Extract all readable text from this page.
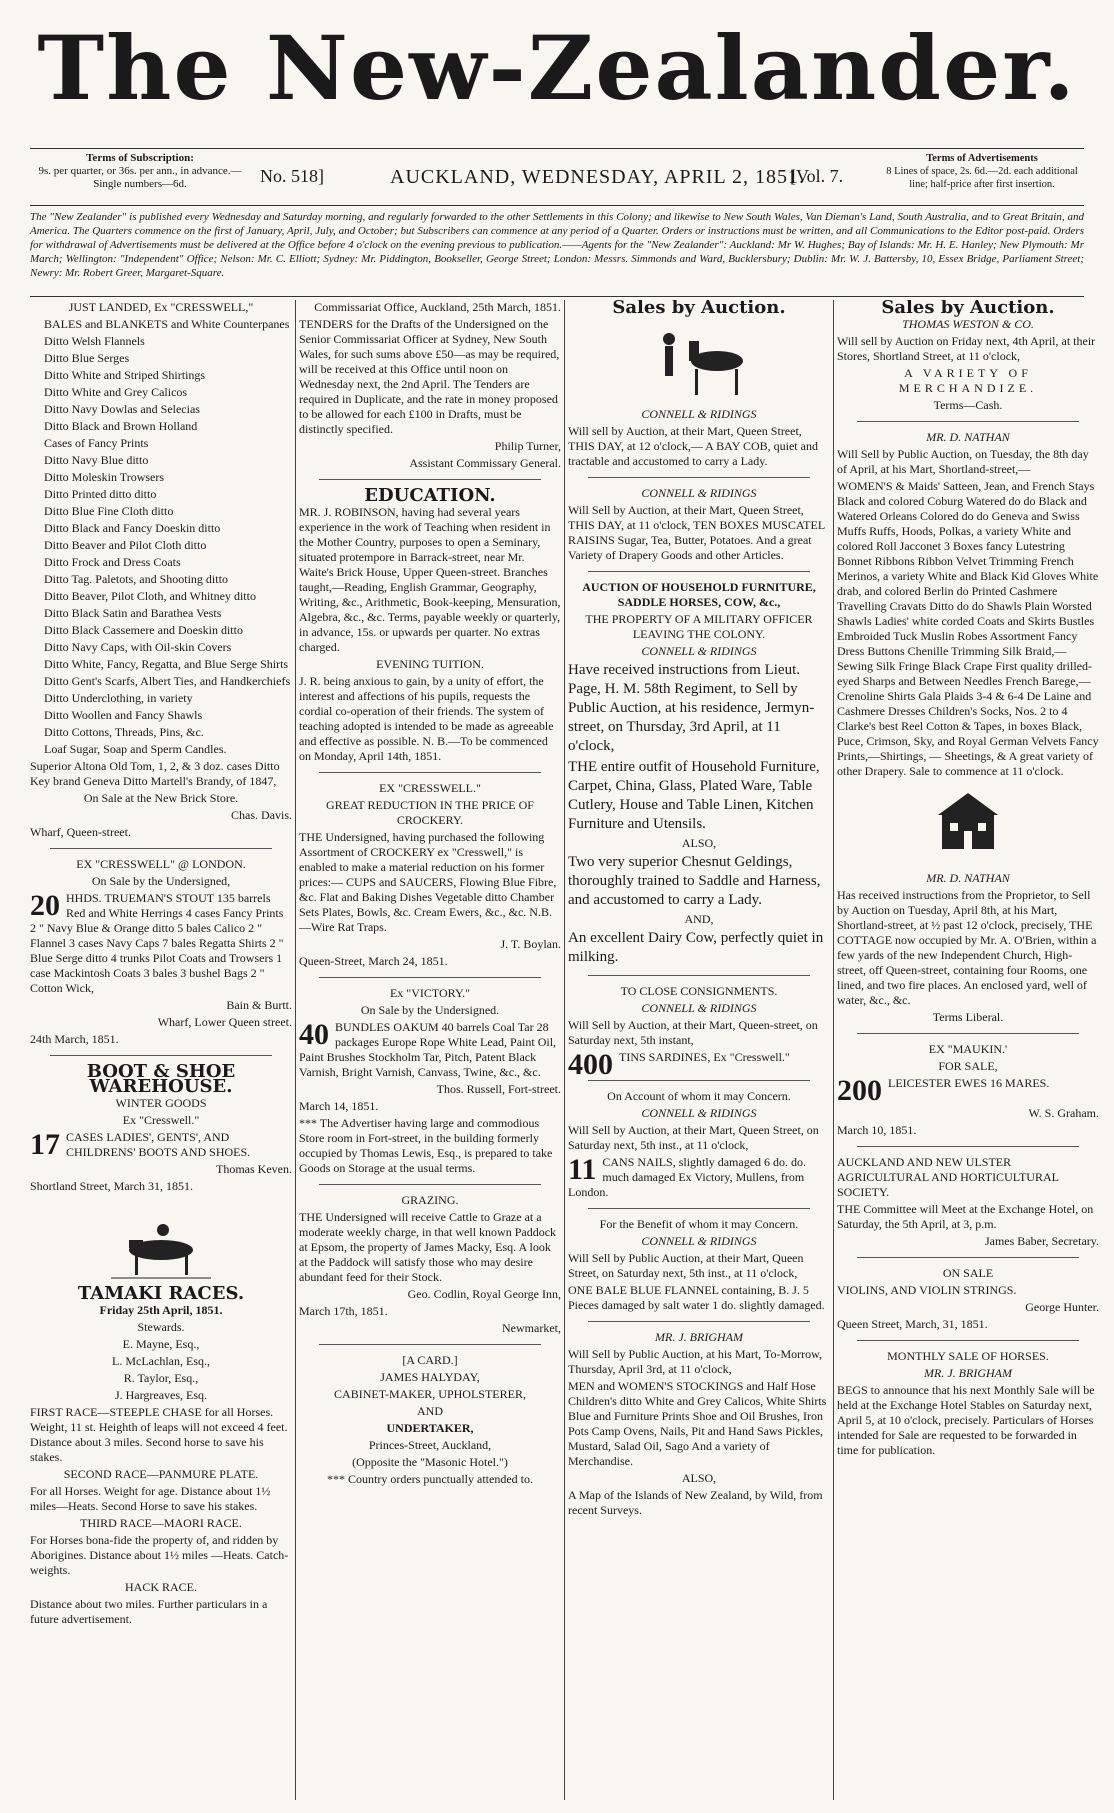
The New-Zealander.
Terms of Subscription:
9s. per quarter, or 36s. per ann., in advance.—Single numbers—6d.	No. 518]	AUCKLAND, WEDNESDAY, APRIL 2, 1851.
[Vol. 7.
Terms of Advertisements
8 Lines of space, 2s. 6d.—2d. each additional line; half-price after first insertion.
The "New Zealander" is published every Wednesday and Saturday morning, and regularly forwarded to the other Settlements in this Colony; and likewise to New South Wales, Van Dieman's Land, South Australia, and to Great Britain, and America. The Quarters commence on the first of January, April, July, and October; but Subscribers can commence at any period of a Quarter. Orders or instructions must be written, and all Communications to the Editor post-paid. Orders for withdrawal of Advertisements must be delivered at the Office before 4 o'clock on the evening previous to publication.——Agents for the "New Zealander": Auckland: Mr W. Hughes; Bay of Islands: Mr. H. E. Hanley; New Plymouth: Mr March; Wellington: "Independent" Office; Nelson: Mr. C. Elliott; Sydney: Mr. Piddington, Bookseller, George Street; London: Messrs. Simmonds and Ward, Bucklersbury; Dublin: Mr. W. J. Battersby, 10, Essex Bridge, Parliament Street; Newry: Mr. Robert Greer, Margaret-Square.

JUST LANDED, Ex "CRESSWELL,"

BALES and BLANKETS and White Counterpanes

Ditto Welsh Flannels

Ditto Blue Serges

Ditto White and Striped Shirtings

Ditto White and Grey Calicos

Ditto Navy Dowlas and Selecias

Ditto Black and Brown Holland

Cases of Fancy Prints

Ditto Navy Blue ditto

Ditto Moleskin Trowsers

Ditto Printed ditto ditto

Ditto Blue Fine Cloth ditto

Ditto Black and Fancy Doeskin ditto

Ditto Beaver and Pilot Cloth ditto

Ditto Frock and Dress Coats

Ditto Tag. Paletots, and Shooting ditto

Ditto Beaver, Pilot Cloth, and Whitney ditto

Ditto Black Satin and Barathea Vests

Ditto Black Cassemere and Doeskin ditto

Ditto Navy Caps, with Oil-skin Covers

Ditto White, Fancy, Regatta, and Blue Serge Shirts

Ditto Gent's Scarfs, Albert Ties, and Handkerchiefs

Ditto Underclothing, in variety

Ditto Woollen and Fancy Shawls

Ditto Cottons, Threads, Pins, &c.

Loaf Sugar, Soap and Sperm Candles.

Superior Altona Old Tom, 1, 2, & 3 doz. cases Ditto Key brand Geneva Ditto Martell's Brandy, of 1847,

On Sale at the New Brick Store.

Chas. Davis.

Wharf, Queen-street.

EX "CRESSWELL" @ LONDON.

On Sale by the Undersigned,

20 HHDS. TRUEMAN'S STOUT 135 barrels Red and White Herrings 4 cases Fancy Prints 2 " Navy Blue & Orange ditto 5 bales Calico 2 " Flannel 3 cases Navy Caps 7 bales Regatta Shirts 2 " Blue Serge ditto 4 trunks Pilot Coats and Trowsers 1 case Mackintosh Coats 3 bales 3 bushel Bags 2 " Cotton Wick,

Bain & Burtt.

Wharf, Lower Queen street.

24th March, 1851.

BOOT & SHOE WAREHOUSE.

WINTER GOODS

Ex "Cresswell."

17 CASES LADIES', GENTS', AND CHILDRENS' BOOTS AND SHOES.

Thomas Keven.

Shortland Street, March 31, 1851.

TAMAKI RACES.

Friday 25th April, 1851.

Stewards.

E. Mayne, Esq.,

L. McLachlan, Esq.,

R. Taylor, Esq.,

J. Hargreaves, Esq.

FIRST RACE—STEEPLE CHASE for all Horses. Weight, 11 st. Heighth of leaps will not exceed 4 feet. Distance about 3 miles. Second horse to save his stakes.

SECOND RACE—PANMURE PLATE.

For all Horses. Weight for age. Distance about 1½ miles—Heats. Second Horse to save his stakes.

THIRD RACE—MAORI RACE.

For Horses bona-fide the property of, and ridden by Aborigines. Distance about 1½ miles —Heats. Catch-weights.

HACK RACE.

Distance about two miles. Further particulars in a future advertisement.

Commissariat Office, Auckland, 25th March, 1851.

TENDERS for the Drafts of the Undersigned on the Senior Commissariat Officer at Sydney, New South Wales, for such sums above £50—as may be required, will be received at this Office until noon on Wednesday next, the 2nd April. The Tenders are required in Duplicate, and the rate in money proposed to be allowed for each £100 in Drafts, must be distinctly specified.

Philip Turner,

Assistant Commissary General.

EDUCATION.

MR. J. ROBINSON, having had several years experience in the work of Teaching when resident in the Mother Country, purposes to open a Seminary, situated protempore in Barrack-street, near Mr. Waite's Brick House, Upper Queen-street. Branches taught,—Reading, English Grammar, Geography, Writing, &c., Arithmetic, Book-keeping, Mensuration, Algebra, &c., &c. Terms, payable weekly or quarterly, in advance, 15s. or upwards per quarter. No extras charged.

EVENING TUITION.

J. R. being anxious to gain, by a unity of effort, the interest and affections of his pupils, requests the cordial co-operation of their friends. The system of teaching adopted is intended to be made as agreeable and effective as possible. N. B.—To be commenced on Monday, April 14th, 1851.

EX "CRESSWELL."

GREAT REDUCTION IN THE PRICE OF CROCKERY.

THE Undersigned, having purchased the following Assortment of CROCKERY ex "Cresswell," is enabled to make a material reduction on his former prices:— CUPS and SAUCERS, Flowing Blue Fibre, &c. Flat and Baking Dishes Vegetable ditto Chamber Sets Plates, Bowls, &c. Cream Ewers, &c., &c. N.B.—Wire Rat Traps.

J. T. Boylan.

Queen-Street, March 24, 1851.

Ex "VICTORY."

On Sale by the Undersigned.

40 BUNDLES OAKUM 40 barrels Coal Tar 28 packages Europe Rope White Lead, Paint Oil, Paint Brushes Stockholm Tar, Pitch, Patent Black Varnish, Bright Varnish, Canvass, Twine, &c., &c.

Thos. Russell, Fort-street.

March 14, 1851.

*** The Advertiser having large and commodious Store room in Fort-street, in the building formerly occupied by Thomas Lewis, Esq., is prepared to take Goods on Storage at the usual terms.

GRAZING.

THE Undersigned will receive Cattle to Graze at a moderate weekly charge, in that well known Paddock at Epsom, the property of James Macky, Esq. A look at the Paddock will satisfy those who may desire abundant feed for their Stock.

Geo. Codlin, Royal George Inn,

March 17th, 1851.

Newmarket,

[A CARD.]

JAMES HALYDAY,

CABINET-MAKER, UPHOLSTERER,

AND

UNDERTAKER,

Princes-Street, Auckland,

(Opposite the "Masonic Hotel.")

*** Country orders punctually attended to.

Sales by Auction.

CONNELL & RIDINGS

Will sell by Auction, at their Mart, Queen Street, THIS DAY, at 12 o'clock,— A BAY COB, quiet and tractable and accustomed to carry a Lady.

CONNELL & RIDINGS

Will Sell by Auction, at their Mart, Queen Street, THIS DAY, at 11 o'clock, TEN BOXES MUSCATEL RAISINS Sugar, Tea, Butter, Potatoes. And a great Variety of Drapery Goods and other Articles.

AUCTION OF HOUSEHOLD FURNITURE, SADDLE HORSES, COW, &c.,

THE PROPERTY OF A MILITARY OFFICER LEAVING THE COLONY.

CONNELL & RIDINGS

Have received instructions from Lieut. Page, H. M. 58th Regiment, to Sell by Public Auction, at his residence, Jermyn-street, on Thursday, 3rd April, at 11 o'clock,

THE entire outfit of Household Furniture, Carpet, China, Glass, Plated Ware, Table Cutlery, House and Table Linen, Kitchen Furniture and Utensils.

ALSO,

Two very superior Chesnut Geldings, thoroughly trained to Saddle and Harness, and accustomed to carry a Lady.

AND,

An excellent Dairy Cow, perfectly quiet in milking.

TO CLOSE CONSIGNMENTS.

CONNELL & RIDINGS

Will Sell by Auction, at their Mart, Queen-street, on Saturday next, 5th instant,

400 TINS SARDINES, Ex "Cresswell."

On Account of whom it may Concern.

CONNELL & RIDINGS

Will Sell by Auction, at their Mart, Queen Street, on Saturday next, 5th inst., at 11 o'clock,

11 CANS NAILS, slightly damaged 6 do. do. much damaged Ex Victory, Mullens, from London.

For the Benefit of whom it may Concern.

CONNELL & RIDINGS

Will Sell by Public Auction, at their Mart, Queen Street, on Saturday next, 5th inst., at 11 o'clock,

ONE BALE BLUE FLANNEL containing, B. J. 5 Pieces damaged by salt water 1 do. slightly damaged.

MR. J. BRIGHAM

Will Sell by Public Auction, at his Mart, To-Morrow, Thursday, April 3rd, at 11 o'clock,

MEN and WOMEN'S STOCKINGS and Half Hose Children's ditto White and Grey Calicos, White Shirts Blue and Furniture Prints Shoe and Oil Brushes, Iron Pots Camp Ovens, Nails, Pit and Hand Saws Pickles, Mustard, Salad Oil, Sago And a variety of Merchandise.

ALSO,

A Map of the Islands of New Zealand, by Wild, from recent Surveys.

Sales by Auction.

THOMAS WESTON & CO.

Will sell by Auction on Friday next, 4th April, at their Stores, Shortland Street, at 11 o'clock,

A VARIETY OF MERCHANDIZE.

Terms—Cash.

MR. D. NATHAN

Will Sell by Public Auction, on Tuesday, the 8th day of April, at his Mart, Shortland-street,—

WOMEN'S & Maids' Satteen, Jean, and French Stays Black and colored Coburg Watered do do Black and Watered Orleans Colored do do Geneva and Swiss Muffs Ruffs, Hoods, Polkas, a variety White and colored Roll Jacconet 3 Boxes fancy Lutestring Bonnet Ribbons Ribbon Velvet Trimming French Merinos, a variety White and Black Kid Gloves White drab, and colored Berlin do Printed Cashmere Travelling Cravats Ditto do do Shawls Plain Worsted Shawls Ladies' white corded Coats and Skirts Bustles Embroided Tuck Muslin Robes Assortment Fancy Dress Buttons Chenille Trimming Silk Braid,—Sewing Silk Fringe Black Crape First quality drilled-eyed Sharps and Between Needles French Barege,—Crenoline Shirts Gala Plaids 3-4 & 6-4 De Laine and Cashmere Dresses Children's Socks, Nos. 2 to 4 Clarke's best Reel Cotton & Tapes, in boxes Black, Puce, Crimson, Sky, and Royal German Velvets Fancy Prints,—Shirtings, — Sheetings, & A great variety of other Drapery. Sale to commence at 11 o'clock.

MR. D. NATHAN

Has received instructions from the Proprietor, to Sell by Auction on Tuesday, April 8th, at his Mart, Shortland-street, at ½ past 12 o'clock, precisely, THE COTTAGE now occupied by Mr. A. O'Brien, within a few yards of the new Independent Church, High-street, off Queen-street, containing four Rooms, one lined, and two fire places. An enclosed yard, well of water, &c., &c.

Terms Liberal.

EX "MAUKIN.'

FOR SALE,

200 LEICESTER EWES 16 MARES.

W. S. Graham.

March 10, 1851.

AUCKLAND AND NEW ULSTER AGRICULTURAL AND HORTICULTURAL SOCIETY.

THE Committee will Meet at the Exchange Hotel, on Saturday, the 5th April, at 3, p.m.

James Baber, Secretary.

ON SALE

VIOLINS, AND VIOLIN STRINGS.

George Hunter.

Queen Street, March, 31, 1851.

MONTHLY SALE OF HORSES.

MR. J. BRIGHAM

BEGS to announce that his next Monthly Sale will be held at the Exchange Hotel Stables on Saturday next, April 5, at 10 o'clock, precisely. Particulars of Horses intended for Sale are requested to be forwarded in time for publication.
